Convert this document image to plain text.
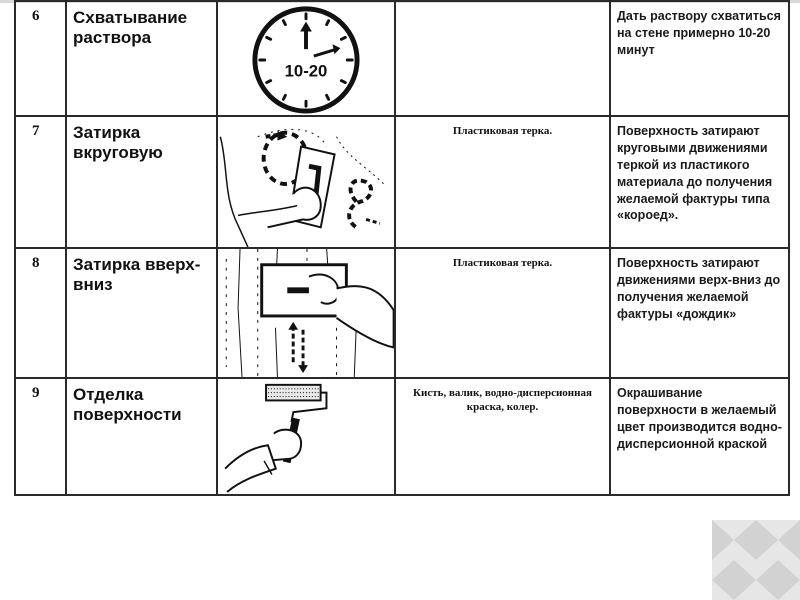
6	Схватывание раствора	10-20		Дать раствору схватиться на стене примерно 10-20 минут
7	Затирка вкруговую		Пластиковая терка.	Поверхность затирают круговыми движениями теркой из пластикого материала до получения желаемой фактуры типа «короед».
8	Затирка вверх-вниз		Пластиковая терка.	Поверхность затирают движениями верх-вниз до получения желаемой фактуры «дождик»
9	Отделка поверхности		Кисть, валик, водно-дисперсионная краска, колер.	Окрашивание поверхности в желаемый цвет производится водно-дисперсионной краской
